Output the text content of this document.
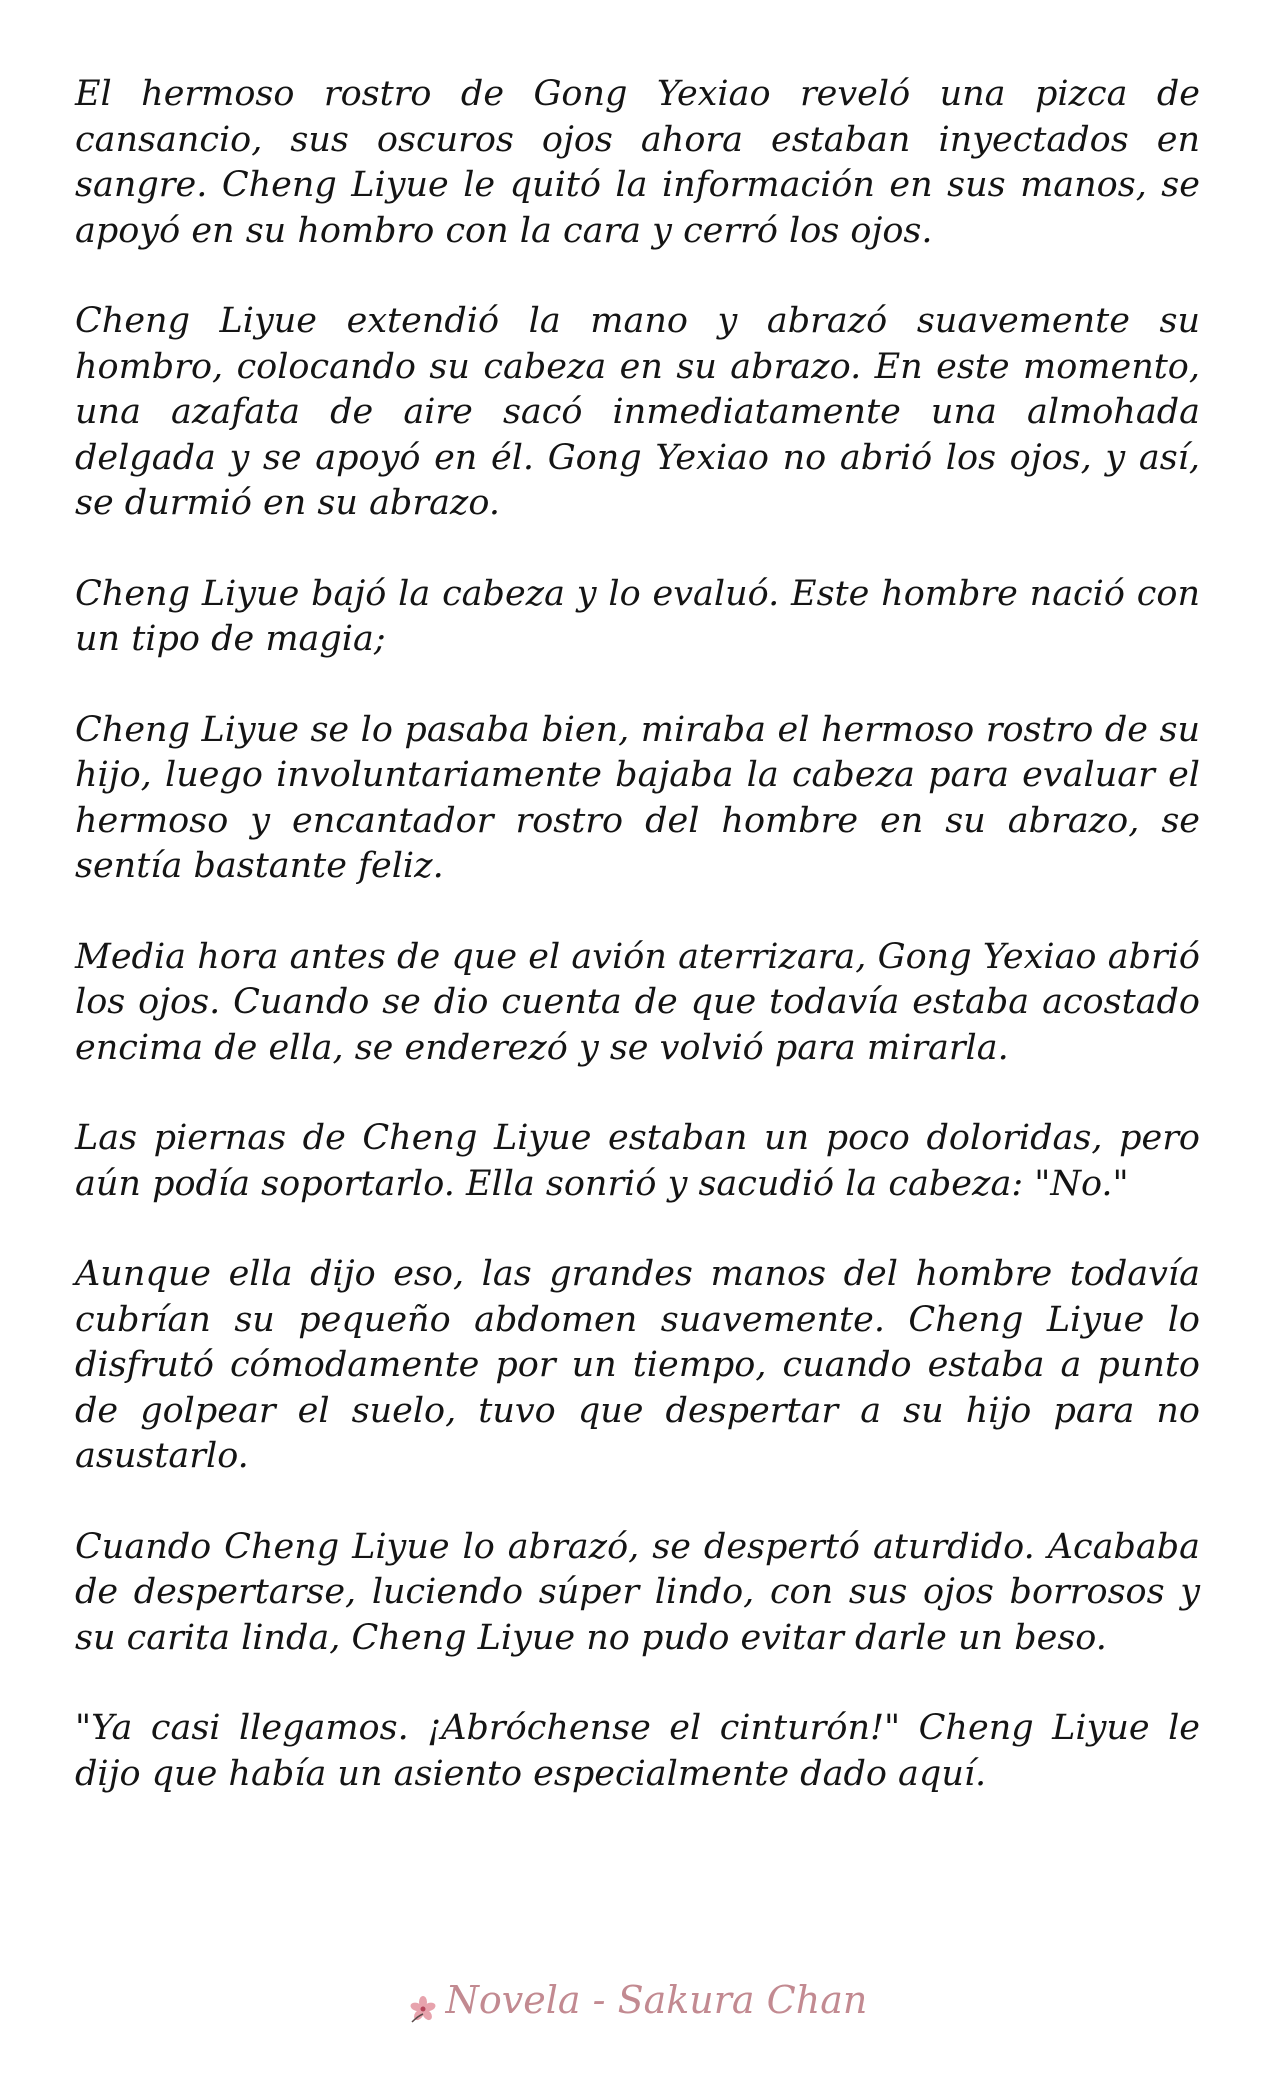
El hermoso rostro de Gong Yexiao reveló una pizca de cansancio, sus oscuros ojos ahora estaban inyectados en sangre. Cheng Liyue le quitó la información en sus manos, se apoyó en su hombro con la cara y cerró los ojos.

Cheng Liyue extendió la mano y abrazó suavemente su hombro, colocando su cabeza en su abrazo. En este momento, una azafata de aire sacó inmediatamente una almohada delgada y se apoyó en él. Gong Yexiao no abrió los ojos, y así, se durmió en su abrazo.

Cheng Liyue bajó la cabeza y lo evaluó. Este hombre nació con un tipo de magia;

Cheng Liyue se lo pasaba bien, miraba el hermoso rostro de su hijo, luego involuntariamente bajaba la cabeza para evaluar el hermoso y encantador rostro del hombre en su abrazo, se sentía bastante feliz.

Media hora antes de que el avión aterrizara, Gong Yexiao abrió los ojos. Cuando se dio cuenta de que todavía estaba acostado encima de ella, se enderezó y se volvió para mirarla.

Las piernas de Cheng Liyue estaban un poco doloridas, pero aún podía soportarlo. Ella sonrió y sacudió la cabeza: "No."

Aunque ella dijo eso, las grandes manos del hombre todavía cubrían su pequeño abdomen suavemente. Cheng Liyue lo disfrutó cómodamente por un tiempo, cuando estaba a punto de golpear el suelo, tuvo que despertar a su hijo para no asustarlo.

Cuando Cheng Liyue lo abrazó, se despertó aturdido. Acababa de despertarse, luciendo súper lindo, con sus ojos borrosos y su carita linda, Cheng Liyue no pudo evitar darle un beso.

"Ya casi llegamos. ¡Abróchense el cinturón!" Cheng Liyue le dijo que había un asiento especialmente dado aquí.

Novela - Sakura Chan
